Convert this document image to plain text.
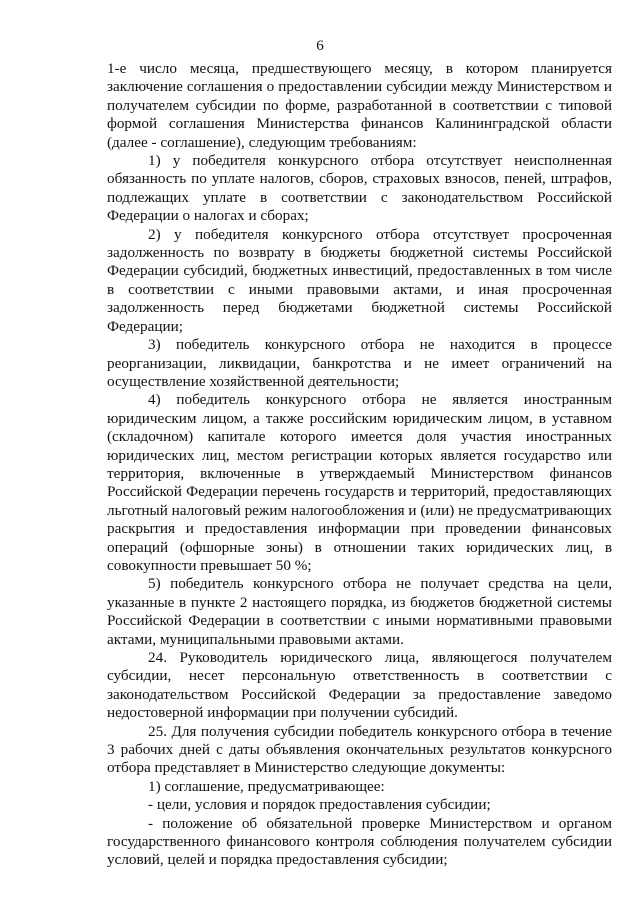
6

1-е число месяца, предшествующего месяцу, в котором планируется заключение соглашения о предоставлении субсидии между Министерством и получателем субсидии по форме, разработанной в соответствии с типовой формой соглашения Министерства финансов Калининградской области (далее - соглашение), следующим требованиям:

1) у победителя конкурсного отбора отсутствует неисполненная обязанность по уплате налогов, сборов, страховых взносов, пеней, штрафов, подлежащих уплате в соответствии с законодательством Российской Федерации о налогах и сборах;

2) у победителя конкурсного отбора отсутствует просроченная задолженность по возврату в бюджеты бюджетной системы Российской Федерации субсидий, бюджетных инвестиций, предоставленных в том числе в соответствии с иными правовыми актами, и иная просроченная задолженность перед бюджетами бюджетной системы Российской Федерации;

3) победитель конкурсного отбора не находится в процессе реорганизации, ликвидации, банкротства и не имеет ограничений на осуществление хозяйственной деятельности;

4) победитель конкурсного отбора не является иностранным юридическим лицом, а также российским юридическим лицом, в уставном (складочном) капитале которого имеется доля участия иностранных юридических лиц, местом регистрации которых является государство или территория, включенные в утверждаемый Министерством финансов Российской Федерации перечень государств и территорий, предоставляющих льготный налоговый режим налогообложения и (или) не предусматривающих раскрытия и предоставления информации при проведении финансовых операций (офшорные зоны) в отношении таких юридических лиц, в совокупности превышает 50 %;

5) победитель конкурсного отбора не получает средства на цели, указанные в пункте 2 настоящего порядка, из бюджетов бюджетной системы Российской Федерации в соответствии с иными нормативными правовыми актами, муниципальными правовыми актами.

24. Руководитель юридического лица, являющегося получателем субсидии, несет персональную ответственность в соответствии с законодательством Российской Федерации за предоставление заведомо недостоверной информации при получении субсидий.

25. Для получения субсидии победитель конкурсного отбора в течение 3 рабочих дней с даты объявления окончательных результатов конкурсного отбора представляет в Министерство следующие документы:

1) соглашение, предусматривающее:

- цели, условия и порядок предоставления субсидии;

- положение об обязательной проверке Министерством и органом государственного финансового контроля соблюдения получателем субсидии условий, целей и порядка предоставления субсидии;
